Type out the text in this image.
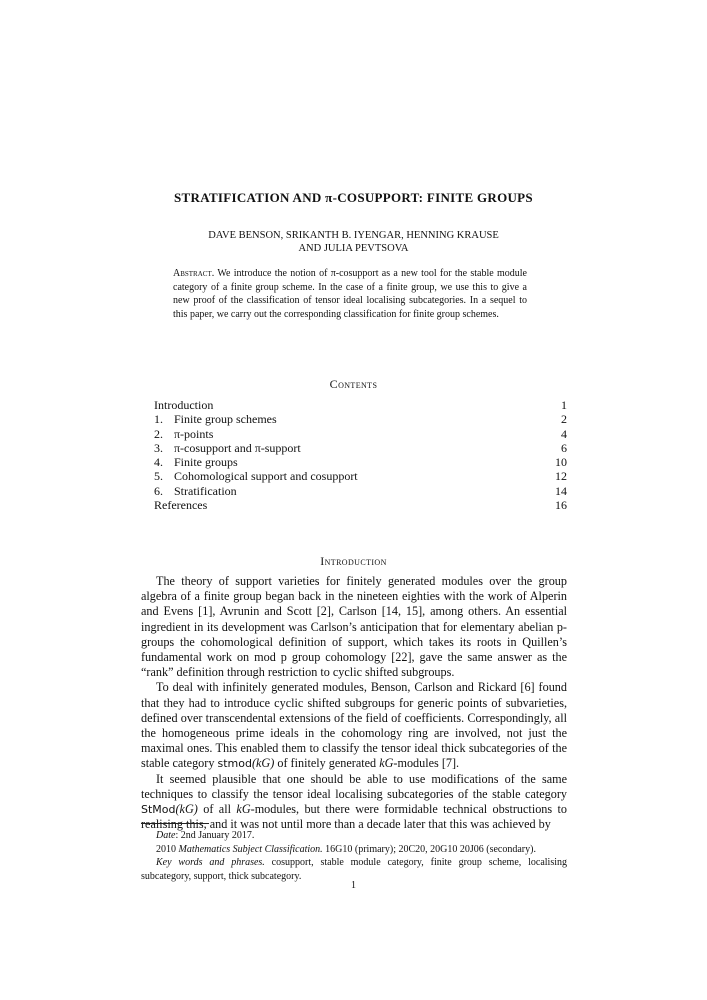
STRATIFICATION AND π-COSUPPORT: FINITE GROUPS
DAVE BENSON, SRIKANTH B. IYENGAR, HENNING KRAUSE
AND JULIA PEVTSOVA
Abstract. We introduce the notion of π-cosupport as a new tool for the stable module category of a finite group scheme. In the case of a finite group, we use this to give a new proof of the classification of tensor ideal localising subcategories. In a sequel to this paper, we carry out the corresponding classification for finite group schemes.
Contents
Introduction	1
1. Finite group schemes	2
2. π-points	4
3. π-cosupport and π-support	6
4. Finite groups	10
5. Cohomological support and cosupport	12
6. Stratification	14
References	16
Introduction

The theory of support varieties for finitely generated modules over the group algebra of a finite group began back in the nineteen eighties with the work of Alperin and Evens [1], Avrunin and Scott [2], Carlson [14, 15], among others. An essential ingredient in its development was Carlson’s anticipation that for elementary abelian p-groups the cohomological definition of support, which takes its roots in Quillen’s fundamental work on mod p group cohomology [22], gave the same answer as the “rank” definition through restriction to cyclic shifted subgroups.

To deal with infinitely generated modules, Benson, Carlson and Rickard [6] found that they had to introduce cyclic shifted subgroups for generic points of subvarieties, defined over transcendental extensions of the field of coefficients. Correspondingly, all the homogeneous prime ideals in the cohomology ring are involved, not just the maximal ones. This enabled them to classify the tensor ideal thick subcategories of the stable category stmod(kG) of finitely generated kG-modules [7].

It seemed plausible that one should be able to use modifications of the same techniques to classify the tensor ideal localising subcategories of the stable category StMod(kG) of all kG-modules, but there were formidable technical obstructions to realising this, and it was not until more than a decade later that this was achieved by

Date: 2nd January 2017.

2010 Mathematics Subject Classification. 16G10 (primary); 20C20, 20G10 20J06 (secondary).

Key words and phrases. cosupport, stable module category, finite group scheme, localising subcategory, support, thick subcategory.

1
